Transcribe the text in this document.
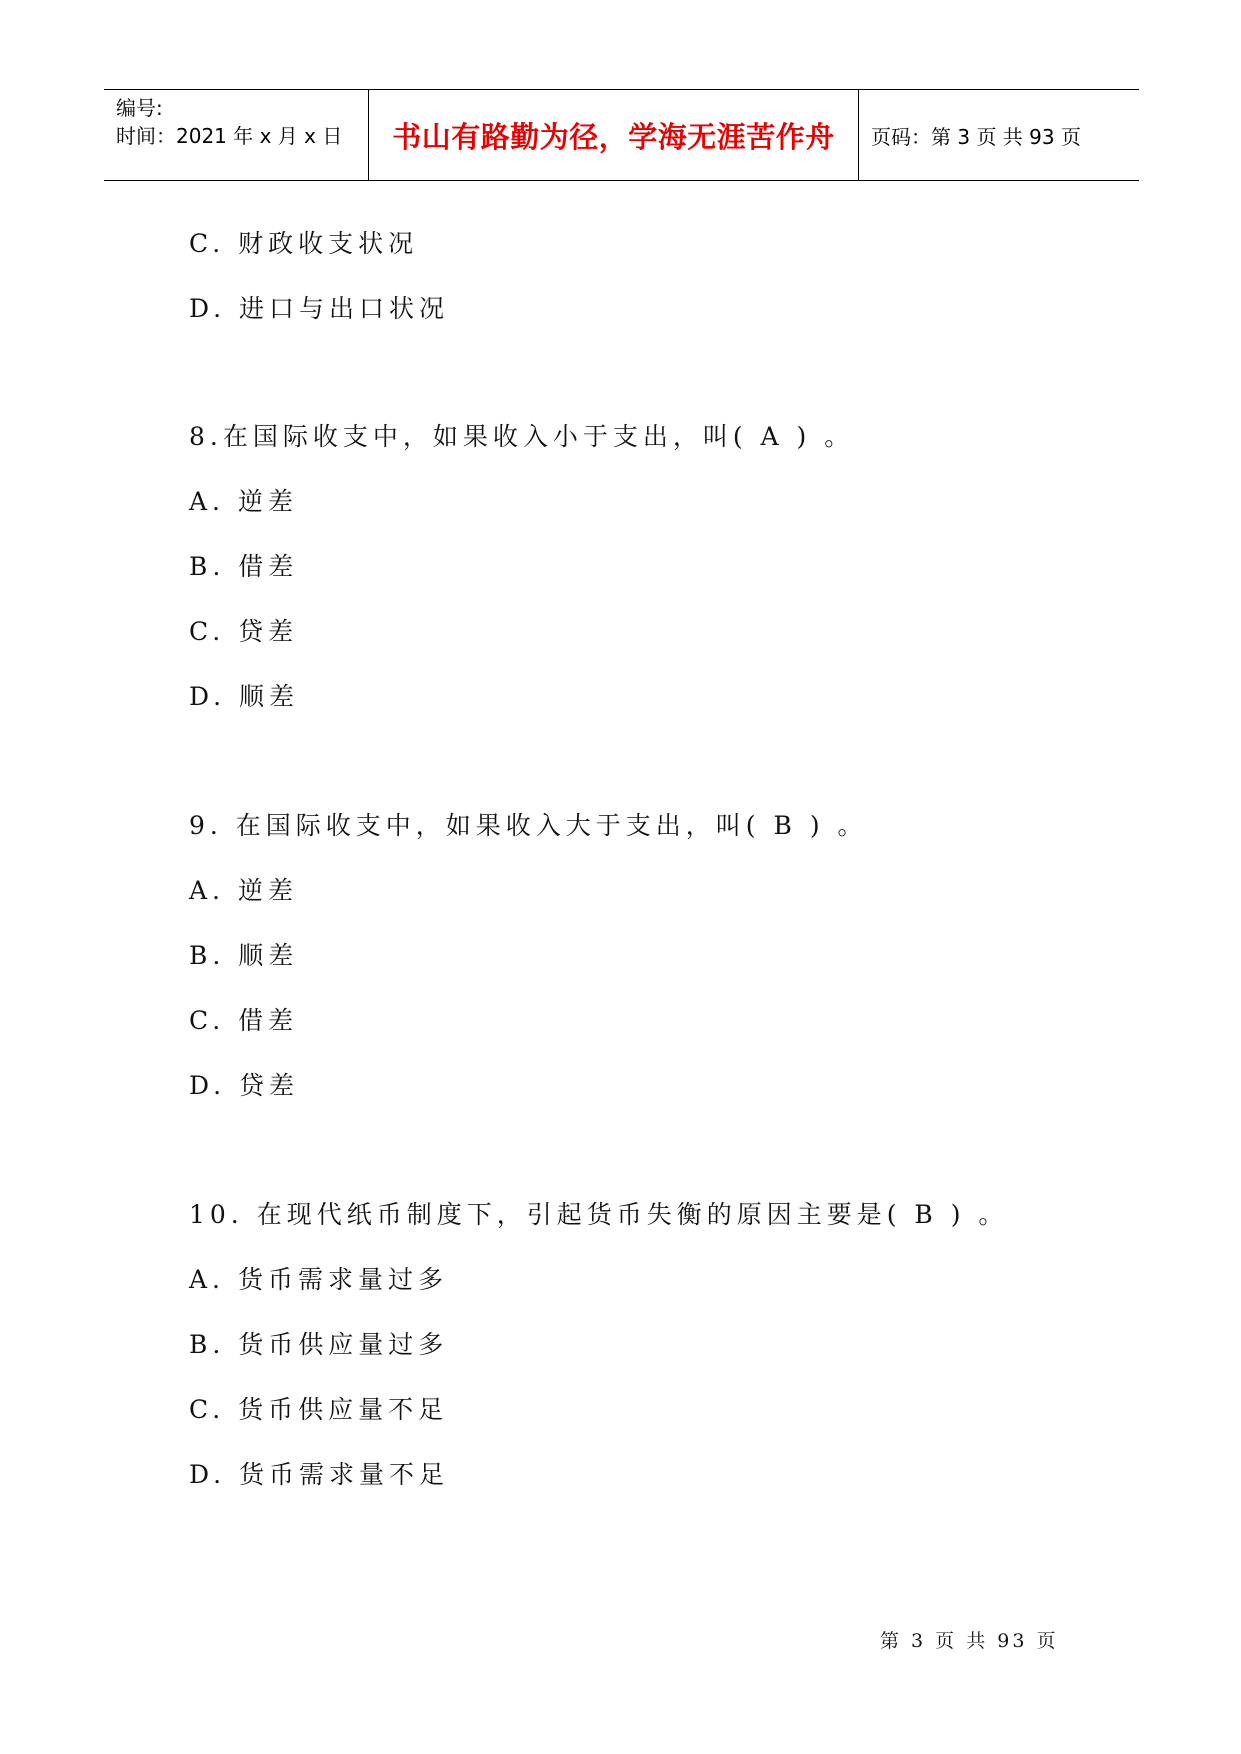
编号:
时间：2021 年 x 月 x 日	书山有路勤为径，学海无涯苦作舟	页码：第 3 页 共 93 页
C. 财政收支状况
D. 进口与出口状况
8.在国际收支中，如果收入小于支出，叫( A ) 。
A. 逆差
B. 借差
C. 贷差
D. 顺差
9. 在国际收支中，如果收入大于支出，叫( B ) 。
A. 逆差
B. 顺差
C. 借差
D. 贷差
10. 在现代纸币制度下，引起货币失衡的原因主要是( B ) 。
A. 货币需求量过多
B. 货币供应量过多
C. 货币供应量不足
D. 货币需求量不足
第 3 页 共 93 页
